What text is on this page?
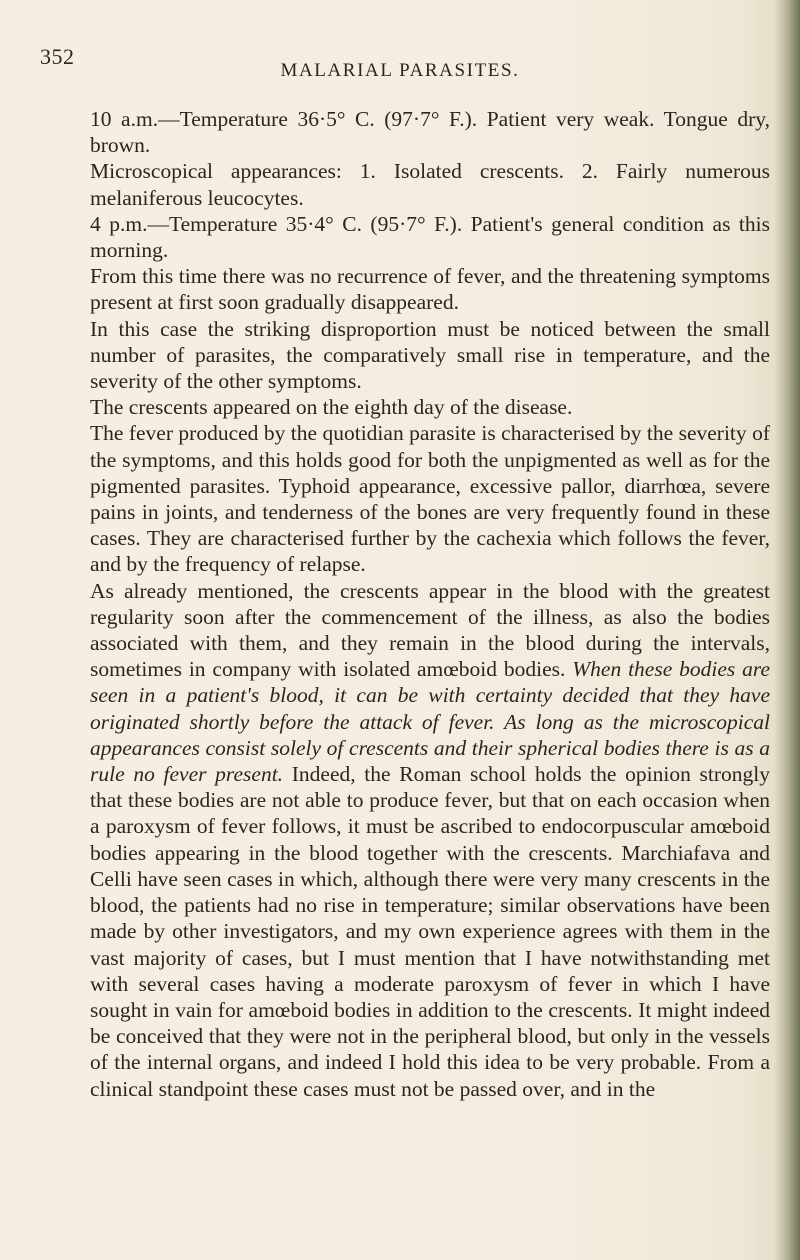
352
MALARIAL PARASITES.

10 a.m.—Temperature 36·5° C. (97·7° F.). Patient very weak. Tongue dry, brown.

Microscopical appearances: 1. Isolated crescents. 2. Fairly numerous melaniferous leucocytes.

4 p.m.—Temperature 35·4° C. (95·7° F.). Patient's general condition as this morning.

From this time there was no recurrence of fever, and the threatening symptoms present at first soon gradually disappeared.

In this case the striking disproportion must be noticed between the small number of parasites, the comparatively small rise in temperature, and the severity of the other symptoms.

The crescents appeared on the eighth day of the disease.

The fever produced by the quotidian parasite is characterised by the severity of the symptoms, and this holds good for both the unpigmented as well as for the pigmented parasites. Typhoid appearance, excessive pallor, diarrhœa, severe pains in joints, and tenderness of the bones are very frequently found in these cases. They are characterised further by the cachexia which follows the fever, and by the frequency of relapse.

As already mentioned, the crescents appear in the blood with the greatest regularity soon after the commencement of the illness, as also the bodies associated with them, and they remain in the blood during the intervals, sometimes in company with isolated amœboid bodies. When these bodies are seen in a patient's blood, it can be with certainty decided that they have originated shortly before the attack of fever. As long as the microscopical appearances consist solely of crescents and their spherical bodies there is as a rule no fever present. Indeed, the Roman school holds the opinion strongly that these bodies are not able to produce fever, but that on each occasion when a paroxysm of fever follows, it must be ascribed to endocorpuscular amœboid bodies appearing in the blood together with the crescents. Marchiafava and Celli have seen cases in which, although there were very many crescents in the blood, the patients had no rise in temperature; similar observations have been made by other investigators, and my own experience agrees with them in the vast majority of cases, but I must mention that I have notwithstanding met with several cases having a moderate paroxysm of fever in which I have sought in vain for amœboid bodies in addition to the crescents. It might indeed be conceived that they were not in the peripheral blood, but only in the vessels of the internal organs, and indeed I hold this idea to be very probable. From a clinical standpoint these cases must not be passed over, and in the
